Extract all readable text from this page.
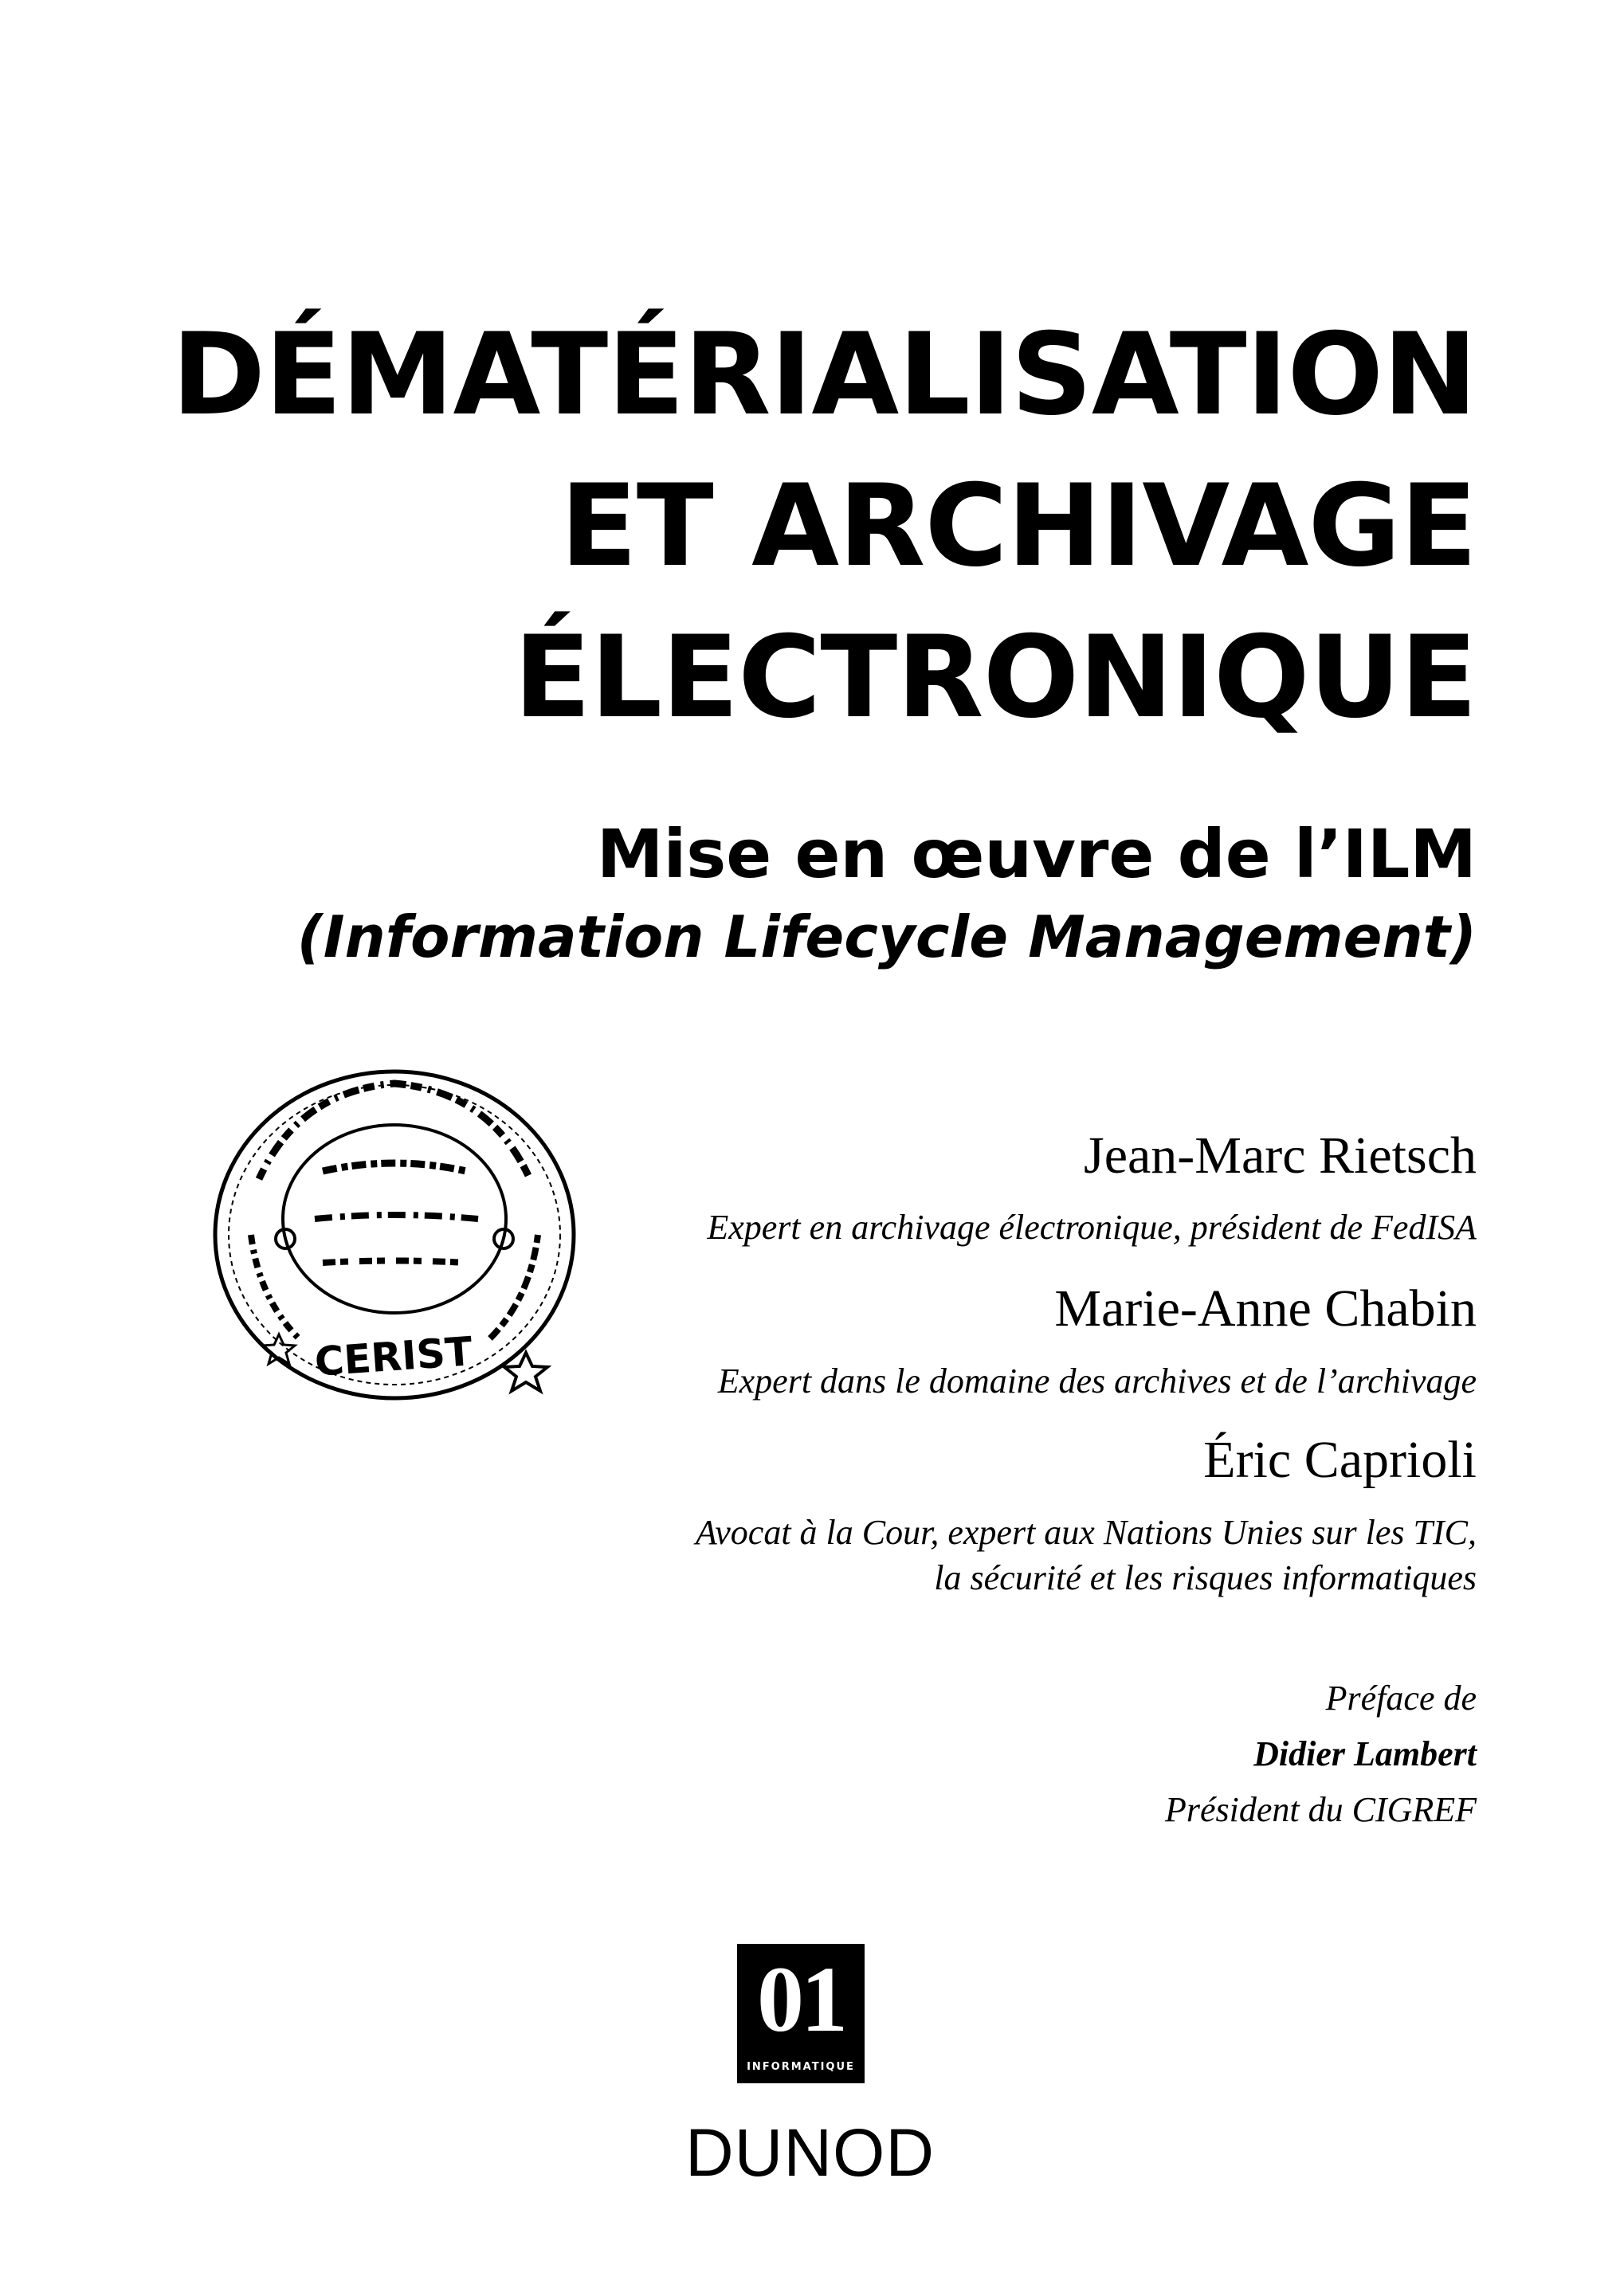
DÉMATÉRIALISATION
ET ARCHIVAGE
ÉLECTRONIQUE
Mise en œuvre de l’ILM
(Information Lifecycle Management)
CERIST
Jean-Marc Rietsch
Expert en archivage électronique, président de FedISA
Marie-Anne Chabin
Expert dans le domaine des archives et de l’archivage
Éric Caprioli
Avocat à la Cour, expert aux Nations Unies sur les TIC,
la sécurité et les risques informatiques
Préface de
Didier Lambert
Président du CIGREF
01
INFORMATIQUE
DUNOD
